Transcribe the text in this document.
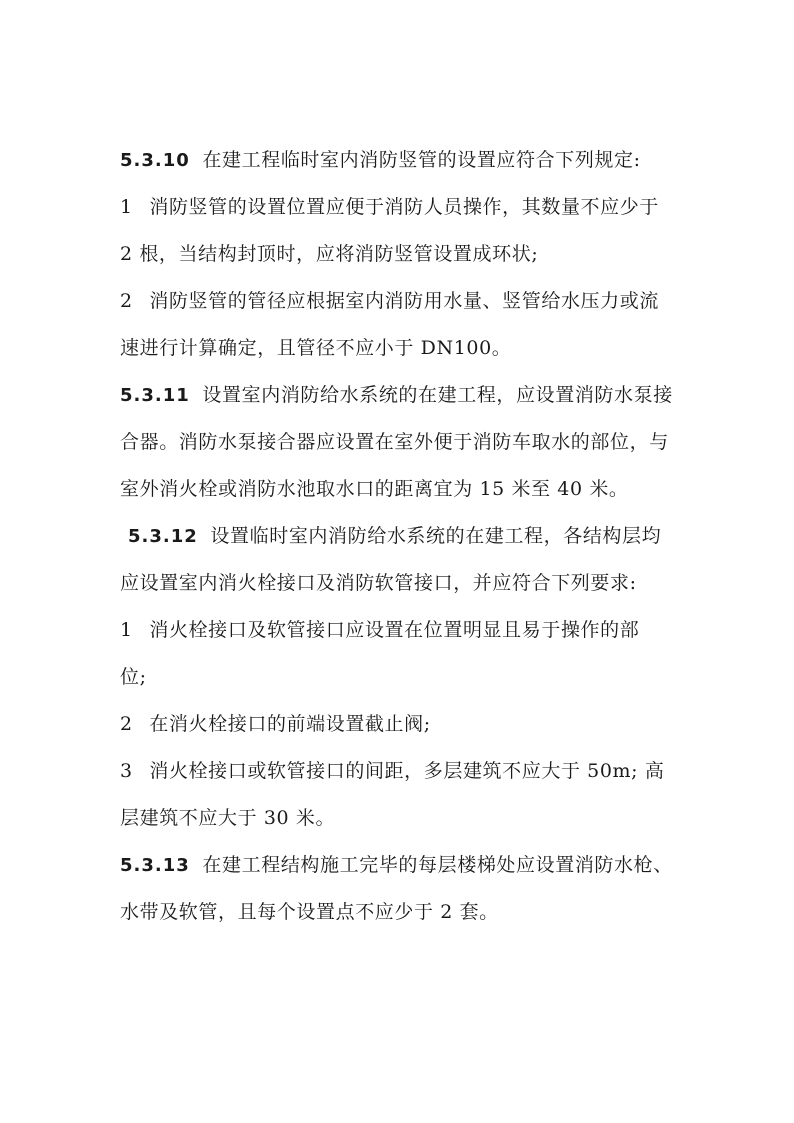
5.3.10 在建工程临时室内消防竖管的设置应符合下列规定:
1 消防竖管的设置位置应便于消防人员操作，其数量不应少于
2 根，当结构封顶时，应将消防竖管设置成环状;
2 消防竖管的管径应根据室内消防用水量、竖管给水压力或流
速进行计算确定，且管径不应小于 DN100。
5.3.11 设置室内消防给水系统的在建工程，应设置消防水泵接
合器。消防水泵接合器应设置在室外便于消防车取水的部位，与
室外消火栓或消防水池取水口的距离宜为 15 米至 40 米。
5.3.12 设置临时室内消防给水系统的在建工程，各结构层均
应设置室内消火栓接口及消防软管接口，并应符合下列要求:
1 消火栓接口及软管接口应设置在位置明显且易于操作的部
位;
2 在消火栓接口的前端设置截止阀;
3 消火栓接口或软管接口的间距，多层建筑不应大于 50m; 高
层建筑不应大于 30 米。
5.3.13 在建工程结构施工完毕的每层楼梯处应设置消防水枪、
水带及软管，且每个设置点不应少于 2 套。
